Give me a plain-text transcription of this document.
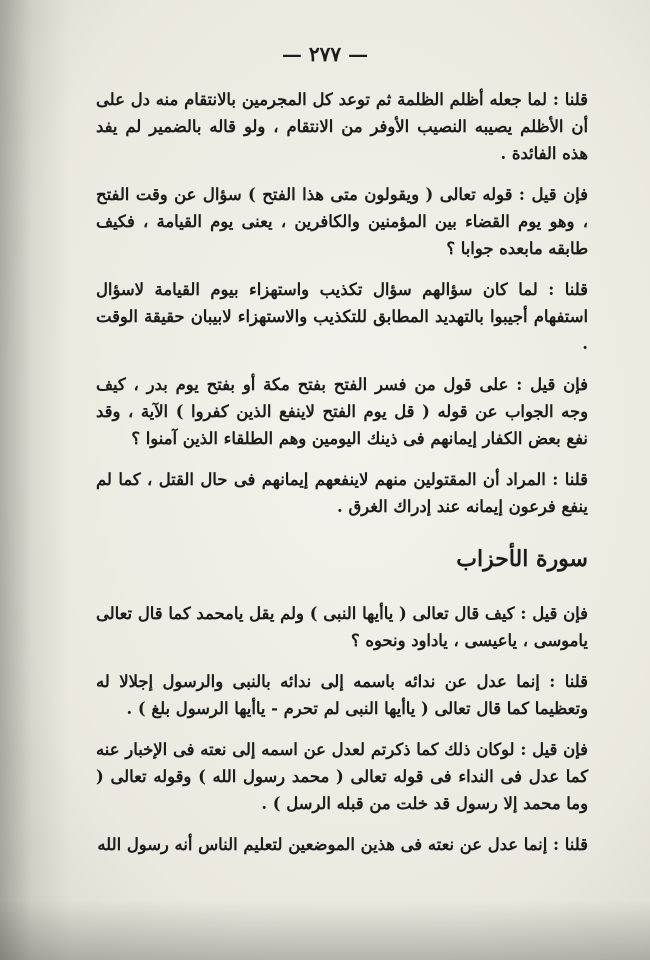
— ٢٧٧ —

قلنا : لما جعله أظلم الظلمة ثم توعد كل المجرمين بالانتقام منه دل على أن الأظلم يصيبه النصيب الأوفر من الانتقام ، ولو قاله بالضمير لم يفد هذه الفائدة .

فإن قيل : قوله تعالى ( ويقولون متى هذا الفتح ) سؤال عن وقت الفتح ، وهو يوم القضاء بين المؤمنين والكافرين ، يعنى يوم القيامة ، فكيف طابقه مابعده جوابا ؟

قلنا : لما كان سؤالهم سؤال تكذيب واستهزاء بيوم القيامة لاسؤال استفهام أجيبوا بالتهديد المطابق للتكذيب والاستهزاء لابيبان حقيقة الوقت .

فإن قيل : على قول من فسر الفتح بفتح مكة أو بفتح يوم بدر ، كيف وجه الجواب عن قوله ( قل يوم الفتح لاينفع الذين كفروا ) الآية ، وقد نفع بعض الكفار إيمانهم فى ذينك اليومين وهم الطلقاء الذين آمنوا ؟

قلنا : المراد أن المقتولين منهم لاينفعهم إيمانهم فى حال القتل ، كما لم ينفع فرعون إيمانه عند إدراك الغرق .

سورة الأحزاب

فإن قيل : كيف قال تعالى ( ياأيها النبى ) ولم يقل يامحمد كما قال تعالى ياموسى ، ياعيسى ، ياداود ونحوه ؟

قلنا : إنما عدل عن ندائه باسمه إلى ندائه بالنبى والرسول إجلالا له وتعظيما كما قال تعالى ( ياأيها النبى لم تحرم - ياأيها الرسول بلغ ) .

فإن قيل : لوكان ذلك كما ذكرتم لعدل عن اسمه إلى نعته فى الإخبار عنه كما عدل فى النداء فى قوله تعالى ( محمد رسول الله ) وقوله تعالى ( وما محمد إلا رسول قد خلت من قبله الرسل ) .

قلنا : إنما عدل عن نعته فى هذين الموضعين لتعليم الناس أنه رسول الله
